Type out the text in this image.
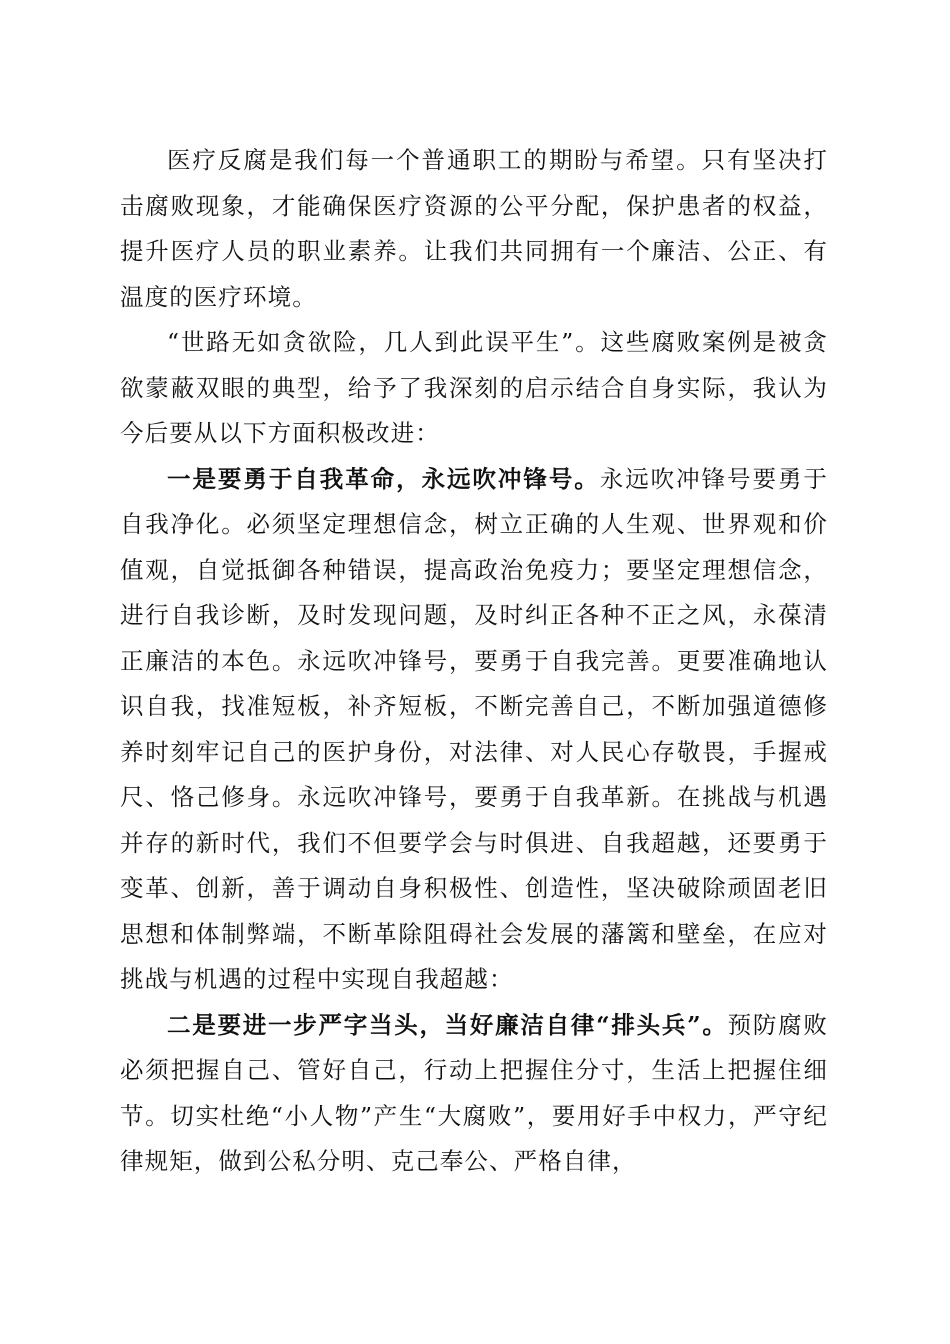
医疗反腐是我们每一个普通职工的期盼与希望。只有坚决打击腐败现象，才能确保医疗资源的公平分配，保护患者的权益，提升医疗人员的职业素养。让我们共同拥有一个廉洁、公正、有温度的医疗环境。

“世路无如贪欲险，几人到此误平生”。这些腐败案例是被贪欲蒙蔽双眼的典型，给予了我深刻的启示结合自身实际，我认为今后要从以下方面积极改进：

一是要勇于自我革命，永远吹冲锋号。永远吹冲锋号要勇于自我净化。必须坚定理想信念，树立正确的人生观、世界观和价值观，自觉抵御各种错误，提高政治免疫力；要坚定理想信念，进行自我诊断，及时发现问题，及时纠正各种不正之风，永葆清正廉洁的本色。永远吹冲锋号，要勇于自我完善。更要准确地认识自我，找准短板，补齐短板，不断完善自己，不断加强道德修养时刻牢记自己的医护身份，对法律、对人民心存敬畏，手握戒尺、恪己修身。永远吹冲锋号，要勇于自我革新。在挑战与机遇并存的新时代，我们不但要学会与时俱进、自我超越，还要勇于变革、创新，善于调动自身积极性、创造性，坚决破除顽固老旧思想和体制弊端，不断革除阻碍社会发展的藩篱和壁垒，在应对挑战与机遇的过程中实现自我超越：

二是要进一步严字当头，当好廉洁自律“排头兵”。预防腐败必须把握自己、管好自己，行动上把握住分寸，生活上把握住细节。切实杜绝“小人物”产生“大腐败”，要用好手中权力，严守纪律规矩，做到公私分明、克己奉公、严格自律，
